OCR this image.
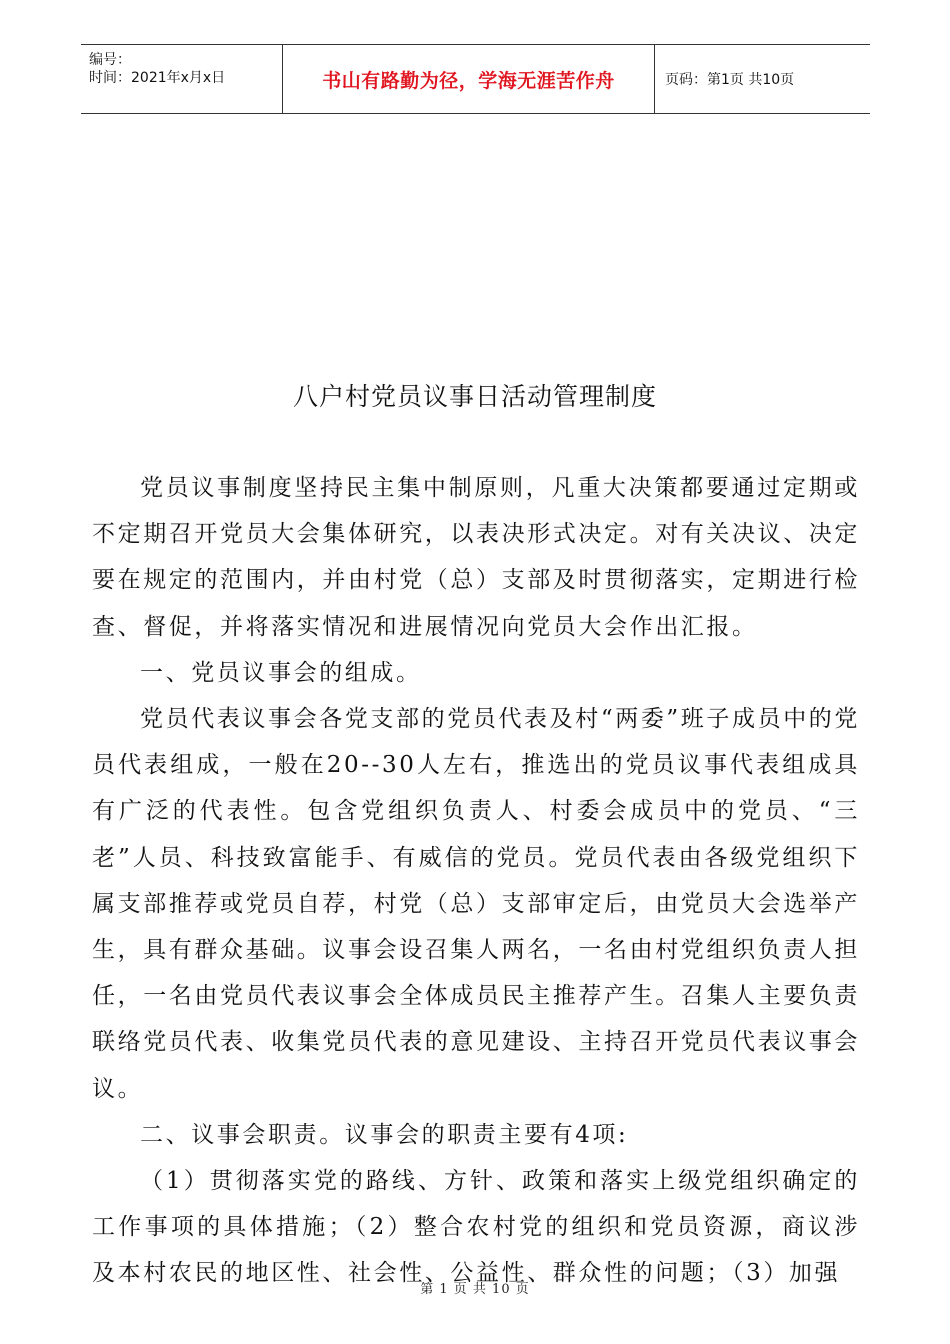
编号：
时间：2021年x月x日	书山有路勤为径，学海无涯苦作舟	页码：第1页 共10页
八户村党员议事日活动管理制度

党员议事制度坚持民主集中制原则，凡重大决策都要通过定期或不定期召开党员大会集体研究，以表决形式决定。对有关决议、决定要在规定的范围内，并由村党（总）支部及时贯彻落实，定期进行检查、督促，并将落实情况和进展情况向党员大会作出汇报。

一、党员议事会的组成。

党员代表议事会各党支部的党员代表及村“两委”班子成员中的党员代表组成，一般在20--30人左右，推选出的党员议事代表组成具有广泛的代表性。包含党组织负责人、村委会成员中的党员、“三老”人员、科技致富能手、有威信的党员。党员代表由各级党组织下属支部推荐或党员自荐，村党（总）支部审定后，由党员大会选举产生，具有群众基础。议事会设召集人两名，一名由村党组织负责人担任，一名由党员代表议事会全体成员民主推荐产生。召集人主要负责联络党员代表、收集党员代表的意见建设、主持召开党员代表议事会议。

二、议事会职责。议事会的职责主要有4项:

（1）贯彻落实党的路线、方针、政策和落实上级党组织确定的工作事项的具体措施；（2）整合农村党的组织和党员资源，商议涉及本村农民的地区性、社会性、公益性、群众性的问题；（3）加强

第 1 页 共 10 页
